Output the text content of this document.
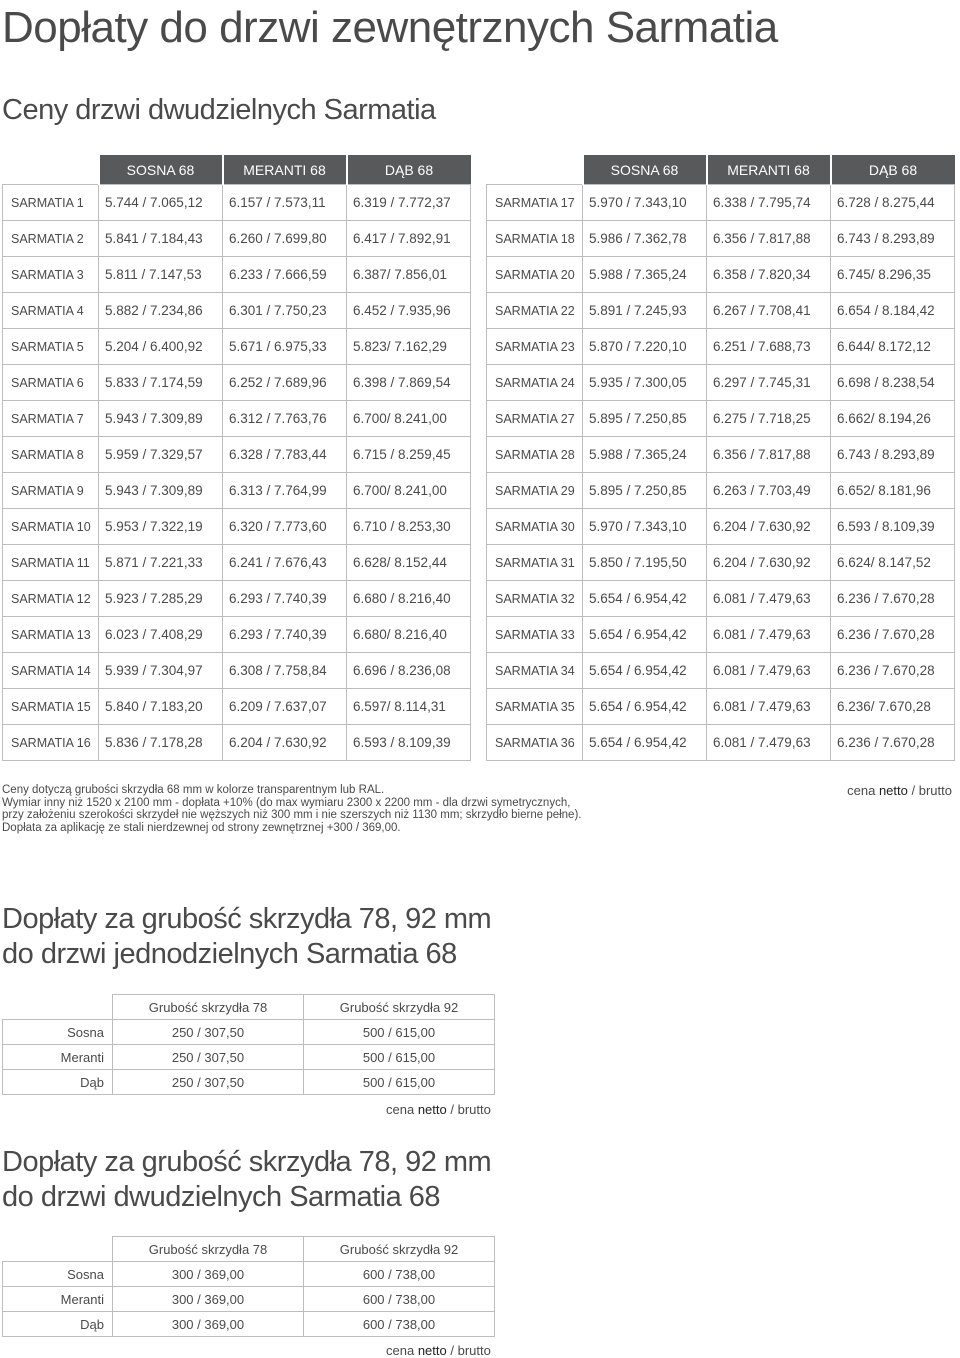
Dopłaty do drzwi zewnętrznych Sarmatia
Ceny drzwi dwudzielnych Sarmatia
	SOSNA 68	MERANTI 68	DĄB 68
SARMATIA 1	5.744 / 7.065,12	6.157 / 7.573,11	6.319 / 7.772,37
SARMATIA 2	5.841 / 7.184,43	6.260 / 7.699,80	6.417 / 7.892,91
SARMATIA 3	5.811 / 7.147,53	6.233 / 7.666,59	6.387/ 7.856,01
SARMATIA 4	5.882 / 7.234,86	6.301 / 7.750,23	6.452 / 7.935,96
SARMATIA 5	5.204 / 6.400,92	5.671 / 6.975,33	5.823/ 7.162,29
SARMATIA 6	5.833 / 7.174,59	6.252 / 7.689,96	6.398 / 7.869,54
SARMATIA 7	5.943 / 7.309,89	6.312 / 7.763,76	6.700/ 8.241,00
SARMATIA 8	5.959 / 7.329,57	6.328 / 7.783,44	6.715 / 8.259,45
SARMATIA 9	5.943 / 7.309,89	6.313 / 7.764,99	6.700/ 8.241,00
SARMATIA 10	5.953 / 7.322,19	6.320 / 7.773,60	6.710 / 8.253,30
SARMATIA 11	5.871 / 7.221,33	6.241 / 7.676,43	6.628/ 8.152,44
SARMATIA 12	5.923 / 7.285,29	6.293 / 7.740,39	6.680 / 8.216,40
SARMATIA 13	6.023 / 7.408,29	6.293 / 7.740,39	6.680/ 8.216,40
SARMATIA 14	5.939 / 7.304,97	6.308 / 7.758,84	6.696 / 8.236,08
SARMATIA 15	5.840 / 7.183,20	6.209 / 7.637,07	6.597/ 8.114,31
SARMATIA 16	5.836 / 7.178,28	6.204 / 7.630,92	6.593 / 8.109,39
	SOSNA 68	MERANTI 68	DĄB 68
SARMATIA 17	5.970 / 7.343,10	6.338 / 7.795,74	6.728 / 8.275,44
SARMATIA 18	5.986 / 7.362,78	6.356 / 7.817,88	6.743 / 8.293,89
SARMATIA 20	5.988 / 7.365,24	6.358 / 7.820,34	6.745/ 8.296,35
SARMATIA 22	5.891 / 7.245,93	6.267 / 7.708,41	6.654 / 8.184,42
SARMATIA 23	5.870 / 7.220,10	6.251 / 7.688,73	6.644/ 8.172,12
SARMATIA 24	5.935 / 7.300,05	6.297 / 7.745,31	6.698 / 8.238,54
SARMATIA 27	5.895 / 7.250,85	6.275 / 7.718,25	6.662/ 8.194,26
SARMATIA 28	5.988 / 7.365,24	6.356 / 7.817,88	6.743 / 8.293,89
SARMATIA 29	5.895 / 7.250,85	6.263 / 7.703,49	6.652/ 8.181,96
SARMATIA 30	5.970 / 7.343,10	6.204 / 7.630,92	6.593 / 8.109,39
SARMATIA 31	5.850 / 7.195,50	6.204 / 7.630,92	6.624/ 8.147,52
SARMATIA 32	5.654 / 6.954,42	6.081 / 7.479,63	6.236 / 7.670,28
SARMATIA 33	5.654 / 6.954,42	6.081 / 7.479,63	6.236 / 7.670,28
SARMATIA 34	5.654 / 6.954,42	6.081 / 7.479,63	6.236 / 7.670,28
SARMATIA 35	5.654 / 6.954,42	6.081 / 7.479,63	6.236/ 7.670,28
SARMATIA 36	5.654 / 6.954,42	6.081 / 7.479,63	6.236 / 7.670,28
Ceny dotyczą grubości skrzydła 68 mm w kolorze transparentnym lub RAL.
Wymiar inny niż 1520 x 2100 mm - dopłata +10% (do max wymiaru 2300 x 2200 mm - dla drzwi symetrycznych,
przy założeniu szerokości skrzydeł nie węższych niż 300 mm i nie szerszych niż 1130 mm; skrzydło bierne pełne).
Dopłata za aplikację ze stali nierdzewnej od strony zewnętrznej +300 / 369,00.
cena netto / brutto
Dopłaty za grubość skrzydła 78, 92 mm
do drzwi jednodzielnych Sarmatia 68
	Grubość skrzydła 78	Grubość skrzydła 92
Sosna	250 / 307,50	500 / 615,00
Meranti	250 / 307,50	500 / 615,00
Dąb	250 / 307,50	500 / 615,00
cena netto / brutto
Dopłaty za grubość skrzydła 78, 92 mm
do drzwi dwudzielnych Sarmatia 68
	Grubość skrzydła 78	Grubość skrzydła 92
Sosna	300 / 369,00	600 / 738,00
Meranti	300 / 369,00	600 / 738,00
Dąb	300 / 369,00	600 / 738,00
cena netto / brutto
